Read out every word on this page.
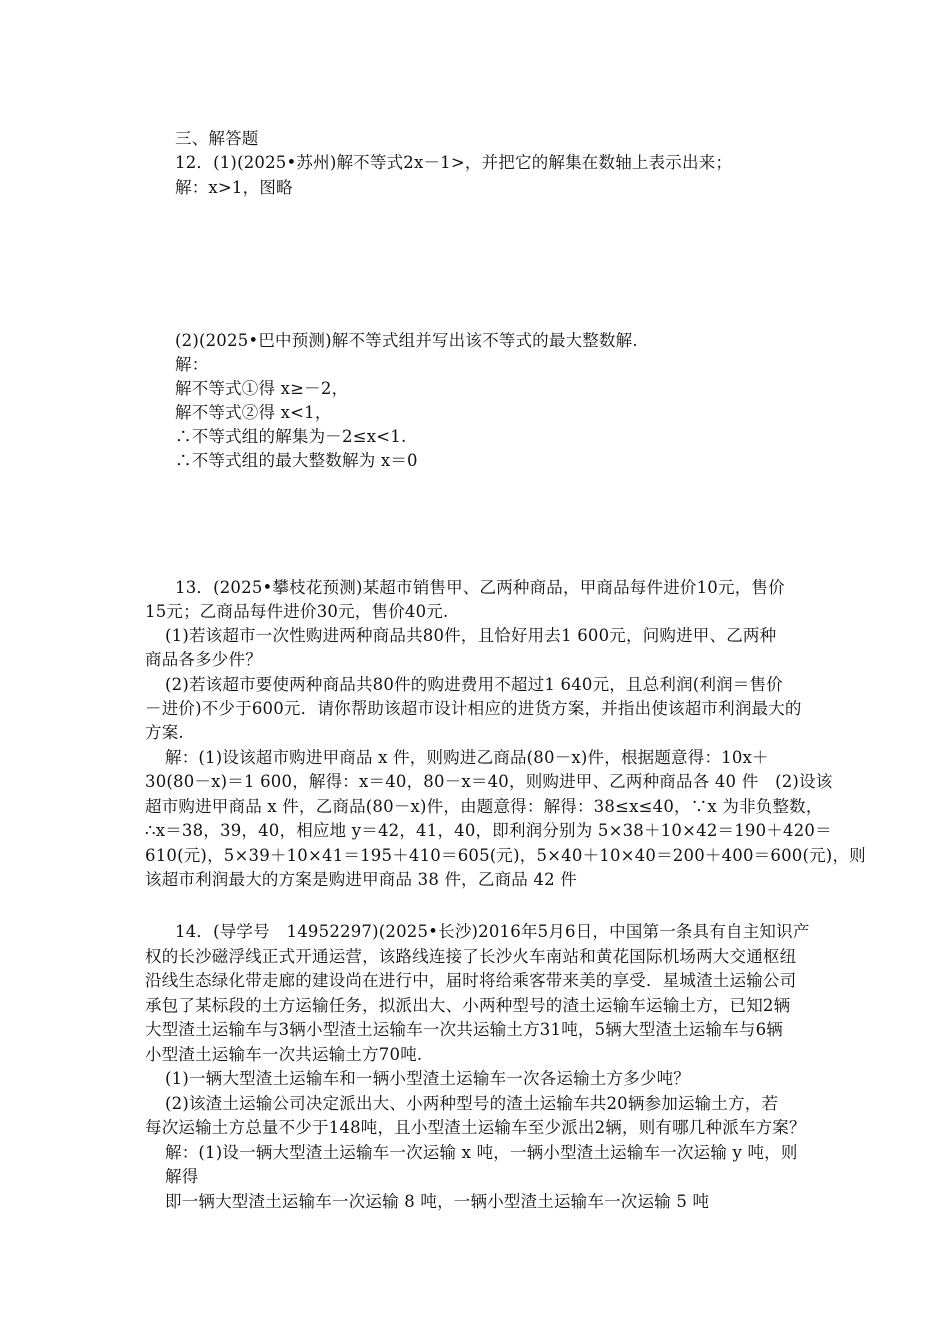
三、解答题
12．(1)(2025•苏州)解不等式2x－1>，并把它的解集在数轴上表示出来；
解：x>1，图略
(2)(2025•巴中预测)解不等式组并写出该不等式的最大整数解.
解：
解不等式①得 x≥－2，
解不等式②得 x<1，
∴不等式组的解集为－2≤x<1.
∴不等式组的最大整数解为 x＝0
13．(2025•攀枝花预测)某超市销售甲、乙两种商品，甲商品每件进价10元，售价
15元；乙商品每件进价30元，售价40元.
(1)若该超市一次性购进两种商品共80件，且恰好用去1 600元，问购进甲、乙两种
商品各多少件？
(2)若该超市要使两种商品共80件的购进费用不超过1 640元，且总利润(利润＝售价
－进价)不少于600元．请你帮助该超市设计相应的进货方案，并指出使该超市利润最大的
方案.
解：(1)设该超市购进甲商品 x 件，则购进乙商品(80－x)件，根据题意得：10x＋
30(80－x)＝1 600，解得：x＝40，80－x＝40，则购进甲、乙两种商品各 40 件　(2)设该
超市购进甲商品 x 件，乙商品(80－x)件，由题意得：解得：38≤x≤40，∵x 为非负整数，
∴x＝38，39，40，相应地 y＝42，41，40，即利润分别为 5×38＋10×42＝190＋420＝
610(元)，5×39＋10×41＝195＋410＝605(元)，5×40＋10×40＝200＋400＝600(元)，则
该超市利润最大的方案是购进甲商品 38 件，乙商品 42 件
14．(导学号　14952297)(2025•长沙)2016年5月6日，中国第一条具有自主知识产
权的长沙磁浮线正式开通运营，该路线连接了长沙火车南站和黄花国际机场两大交通枢纽
沿线生态绿化带走廊的建设尚在进行中，届时将给乘客带来美的享受．星城渣土运输公司
承包了某标段的土方运输任务，拟派出大、小两种型号的渣土运输车运输土方，已知2辆
大型渣土运输车与3辆小型渣土运输车一次共运输土方31吨，5辆大型渣土运输车与6辆
小型渣土运输车一次共运输土方70吨.
(1)一辆大型渣土运输车和一辆小型渣土运输车一次各运输土方多少吨？
(2)该渣土运输公司决定派出大、小两种型号的渣土运输车共20辆参加运输土方，若
每次运输土方总量不少于148吨，且小型渣土运输车至少派出2辆，则有哪几种派车方案？
解：(1)设一辆大型渣土运输车一次运输 x 吨，一辆小型渣土运输车一次运输 y 吨，则
解得
即一辆大型渣土运输车一次运输 8 吨，一辆小型渣土运输车一次运输 5 吨
